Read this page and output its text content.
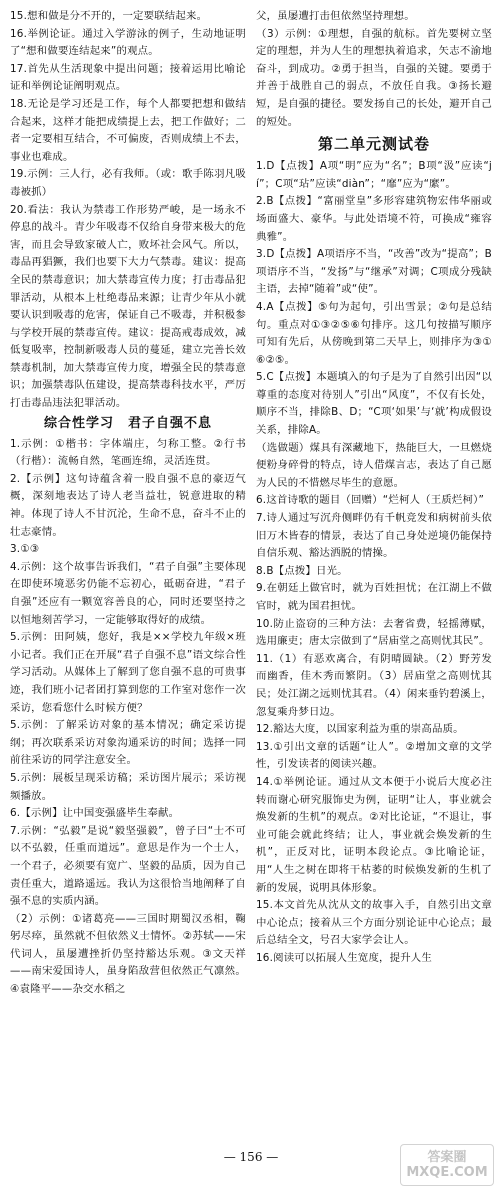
15.想和做是分不开的，一定要联结起来。

16.举例论证。通过入学游泳的例子，生动地证明了“想和做要连结起来”的观点。

17.首先从生活现象中提出问题；接着运用比喻论证和举例论证阐明观点。

18.无论是学习还是工作，每个人都要把想和做结合起来，这样才能把成绩提上去，把工作做好；二者一定要相互结合，不可偏废，否则成绩上不去，事业也难成。

19.示例：三人行，必有我师。（或：歌手陈羽凡吸毒被抓）

20.看法：我认为禁毒工作形势严峻，是一场永不停息的战斗。青少年吸毒不仅给自身带来极大的危害，而且会导致家破人亡，败坏社会风气。所以，毒品再猖獗，我们也要下大力气禁毒。建议：提高全民的禁毒意识；加大禁毒宣传力度；打击毒品犯罪活动，从根本上杜绝毒品来源；让青少年从小就要认识到吸毒的危害，保证自己不吸毒，并积极参与学校开展的禁毒宣传。建议：提高戒毒成效，减低复吸率，控制新吸毒人员的蔓延，建立完善长效禁毒机制，加大禁毒宣传力度，增强全民的禁毒意识；加强禁毒队伍建设，提高禁毒科技水平，严厉打击毒品违法犯罪活动。

综合性学习　君子自强不息

1.示例：①楷书：字体端庄，匀称工整。②行书（行楷）：流畅自然，笔画连绵，灵活连贯。

2.【示例】这句诗蕴含着一股自强不息的豪迈气概，深刻地表达了诗人老当益壮，锐意进取的精神。体现了诗人不甘沉沦，生命不息，奋斗不止的壮志豪情。

3.①③

4.示例：这个故事告诉我们，“君子自强”主要体现在即使环境恶劣仍能不忘初心，砥砺奋进，“君子自强”还应有一颗宽容善良的心，同时还要坚持之以恒地刻苦学习，一定能够取得好的成绩。

5.示例：田阿姨，您好，我是××学校九年级×班小记者。我们正在开展“君子自强不息”语文综合性学习活动。从媒体上了解到了您自强不息的可贵事迹，我们班小记者团打算到您的工作室对您作一次采访，您看您什么时候方便？

5.示例：了解采访对象的基本情况；确定采访提纲；再次联系采访对象沟通采访的时间；选择一同前往采访的同学注意安全。

5.示例：展板呈现采访稿；采访图片展示；采访视频播放。

6.【示例】让中国变强盛毕生奉献。

7.示例：“弘毅”是说“毅坚强毅”，曾子曰“士不可以不弘毅，任重而道远”。意思是作为一个士人，一个君子，必须要有宽广、坚毅的品质，因为自己责任重大，道路遥远。我认为这很恰当地阐释了自强不息的实质内涵。

（2）示例：①诸葛亮——三国时期蜀汉丞相，鞠躬尽瘁，虽然就不但依然义士情怀。②苏轼——宋代词人，虽屡遭挫折仍坚持豁达乐观。③文天祥——南宋爱国诗人，虽身陷敌营但依然正气凛然。④袁隆平——杂交水稻之

父，虽屡遭打击但依然坚持理想。

（3）示例：①理想，自强的航标。首先要树立坚定的理想，并为人生的理想执着追求，矢志不渝地奋斗，到成功。②勇于担当，自强的关键。要勇于并善于战胜自己的弱点，不放任自我。③扬长避短，是自强的捷径。要发扬自己的长处，避开自己的短处。

第二单元测试卷

1.D【点拨】A项“明”应为“名”；B项“汲”应读“jí”；C项“玷”应读“diàn”；“靡”应为“縻”。

2.B【点拨】“富丽堂皇”多形容建筑物宏伟华丽或场面盛大、豪华。与此处语境不符，可换成“雍容典雅”。

3.D【点拨】A项语序不当，“改善”改为“提高”；B项语序不当，“发扬”与“继承”对调；C项成分残缺主语，去掉“随着”或“使”。

4.A【点拨】⑤句为起句，引出雪景；②句是总结句。重点对①③②⑤⑥句排序。这几句按描写顺序可知有先后，从傍晚到第二天早上，则排序为③①⑥②⑤。

5.C【点拨】本题填入的句子是为了自然引出因“以尊重的态度对待别人”引出“风度”，不仅有长处，顺序不当，排除B、D；“C项‘如果’与‘就’构成假设关系，排除A。

（选做题）煤具有深藏地下，热能巨大，一旦燃烧便粉身碎骨的特点，诗人借煤言志，表达了自己愿为人民的不惜燃尽毕生的意愿。

6.这首诗歌的题目（回赠）“烂柯人（王质烂柯）”

7.诗人通过写沉舟侧畔仍有千帆竞发和病树前头依旧万木皆春的情景，表达了自己身处逆境仍能保持自信乐观、豁达洒脱的情操。

8.B【点拨】日光。

9.在朝廷上做官时，就为百姓担忧；在江湖上不做官时，就为国君担忧。

10.防止盗窃的三种方法：去奢省费，轻摇薄赋，选用廉吏；唐太宗做到了“居庙堂之高则忧其民”。

11.（1）有恶欢离合，有阴晴圆缺。（2）野芳发而幽香，佳木秀而繁阴。（3）居庙堂之高则忧其民；处江湖之远则忧其君。（4）闲来垂钓碧溪上，忽复乘舟梦日边。

12.豁达大度，以国家利益为重的崇高品质。

13.①引出文章的话题“让人”。②增加文章的文学性，引发读者的阅读兴趣。

14.①举例论证。通过从文本便于小说后大度必注转而谢心研究服饰史为例，证明“让人，事业就会焕发新的生机”的观点。②对比论证，“不退让，事业可能会就此终结；让人，事业就会焕发新的生机”，正反对比，证明本段论点。③比喻论证，用“人生之树在即将干枯萎的时候焕发新的生机了新的发展，说明具体形象。

15.本文首先从沈从文的故事入手，自然引出文章中心论点；接着从三个方面分别论证中心论点；最后总结全文，号召大家学会让人。

16.阅读可以拓展人生宽度，提升人生

— 156 —	答案圈
MXQE.COM
